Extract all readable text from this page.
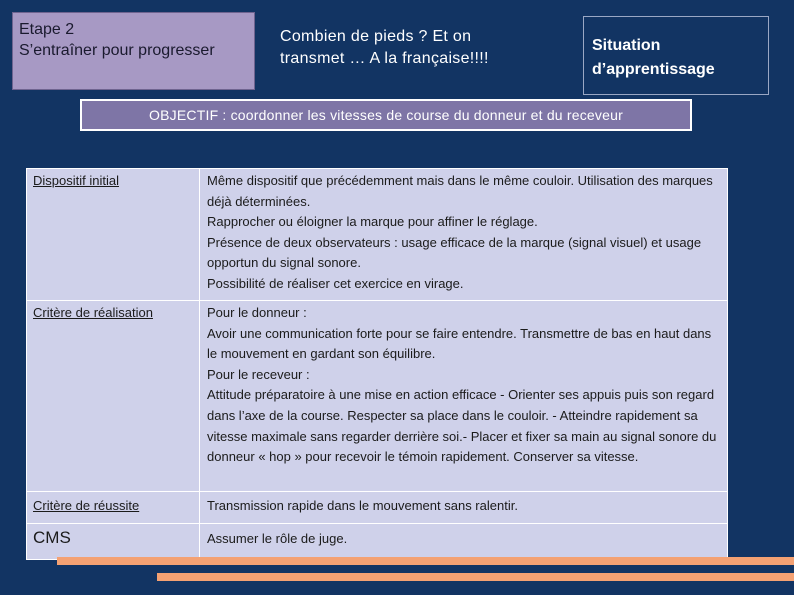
Etape 2
S’entraîner pour progresser
Combien de pieds ? Et on
transmet … A la française!!!!
Situation
d’apprentissage
OBJECTIF : coordonner les vitesses de course du donneur et du receveur
Dispositif initial	Même dispositif que précédemment mais dans le même couloir. Utilisation des marques déjà déterminées.
Rapprocher ou éloigner la marque pour affiner le réglage.
Présence de deux observateurs : usage efficace de la marque (signal visuel) et usage opportun du signal sonore.
Possibilité de réaliser cet exercice en virage.

Critère de réalisation	Pour le donneur :
Avoir une communication forte pour se faire entendre. Transmettre de bas en haut dans le mouvement en gardant son équilibre.
Pour le receveur :
Attitude préparatoire à une mise en action efficace - Orienter ses appuis puis son regard dans l’axe de la course. Respecter sa place dans le couloir. - Atteindre rapidement sa vitesse maximale sans regarder derrière soi.- Placer et fixer sa main au signal sonore du donneur « hop » pour recevoir le témoin rapidement. Conserver sa vitesse.

Critère de réussite	Transmission rapide dans le mouvement sans ralentir.

CMS	Assumer le rôle de juge.
